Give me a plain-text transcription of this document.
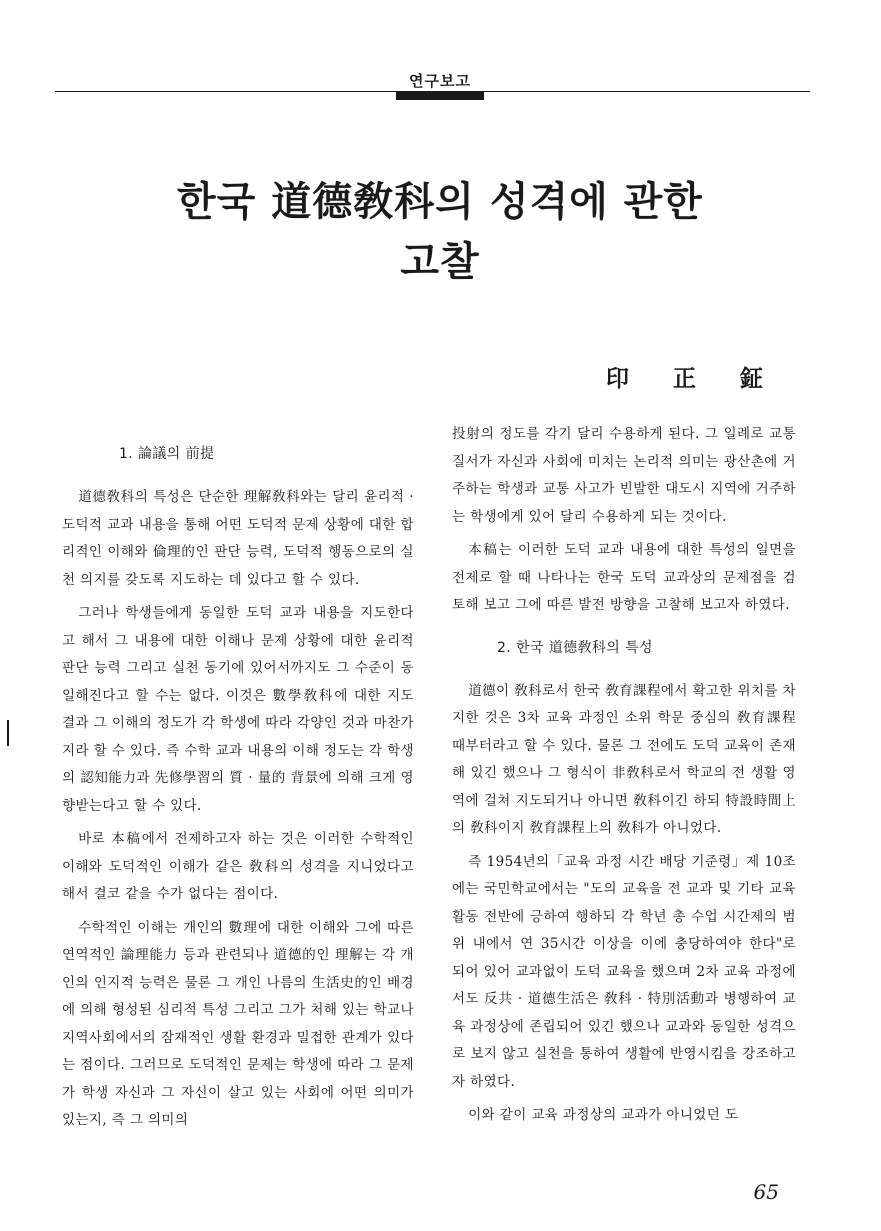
연구보고
한국 道德敎科의 성격에 관한
고찰
印 正 鉦
1. 論議의 前提

道德敎科의 특성은 단순한 理解敎科와는 달리 윤리적 · 도덕적 교과 내용을 통해 어떤 도덕적 문제 상황에 대한 합리적인 이해와 倫理的인 판단 능력, 도덕적 행동으로의 실천 의지를 갖도록 지도하는 데 있다고 할 수 있다.

그러나 학생들에게 동일한 도덕 교과 내용을 지도한다고 해서 그 내용에 대한 이해나 문제 상황에 대한 윤리적 판단 능력 그리고 실천 동기에 있어서까지도 그 수준이 동일해진다고 할 수는 없다. 이것은 數學敎科에 대한 지도 결과 그 이해의 정도가 각 학생에 따라 각양인 것과 마찬가지라 할 수 있다. 즉 수학 교과 내용의 이해 정도는 각 학생의 認知能力과 先修學習의 質 · 量的 背景에 의해 크게 영향받는다고 할 수 있다.

바로 本稿에서 전제하고자 하는 것은 이러한 수학적인 이해와 도덕적인 이해가 같은 敎科의 성격을 지니었다고 해서 결코 같을 수가 없다는 점이다.

수학적인 이해는 개인의 數理에 대한 이해와 그에 따른 연역적인 論理能力 등과 관련되나 道德的인 理解는 각 개인의 인지적 능력은 물론 그 개인 나름의 生活史的인 배경에 의해 형성된 심리적 특성 그리고 그가 처해 있는 학교나 지역사회에서의 잠재적인 생활 환경과 밀접한 관계가 있다는 점이다. 그러므로 도덕적인 문제는 학생에 따라 그 문제가 학생 자신과 그 자신이 살고 있는 사회에 어떤 의미가 있는지, 즉 그 의미의

投射의 정도를 각기 달리 수용하게 된다. 그 일례로 교통 질서가 자신과 사회에 미치는 논리적 의미는 광산촌에 거주하는 학생과 교통 사고가 빈발한 대도시 지역에 거주하는 학생에게 있어 달리 수용하게 되는 것이다.

本稿는 이러한 도덕 교과 내용에 대한 특성의 일면을 전제로 할 때 나타나는 한국 도덕 교과상의 문제점을 검토해 보고 그에 따른 발전 방향을 고찰해 보고자 하였다.

2. 한국 道德敎科의 특성

道德이 敎科로서 한국 敎育課程에서 확고한 위치를 차지한 것은 3차 교육 과정인 소위 학문 중심의 敎育課程 때부터라고 할 수 있다. 물론 그 전에도 도덕 교육이 존재해 있긴 했으나 그 형식이 非敎科로서 학교의 전 생활 영역에 걸쳐 지도되거나 아니면 敎科이긴 하되 特設時間上의 敎科이지 敎育課程上의 敎科가 아니었다.

즉 1954년의「교육 과정 시간 배당 기준령」제 10조에는 국민학교에서는 "도의 교육을 전 교과 및 기타 교육 활동 전반에 긍하여 행하되 각 학년 총 수업 시간제의 범위 내에서 연 35시간 이상을 이에 충당하여야 한다"로 되어 있어 교과없이 도덕 교육을 했으며 2차 교육 과정에서도 反共 · 道德生活은 敎科 · 特別活動과 병행하여 교육 과정상에 존립되어 있긴 했으나 교과와 동일한 성격으로 보지 않고 실천을 통하여 생활에 반영시킴을 강조하고자 하였다.

이와 같이 교육 과정상의 교과가 아니었던 도

65
